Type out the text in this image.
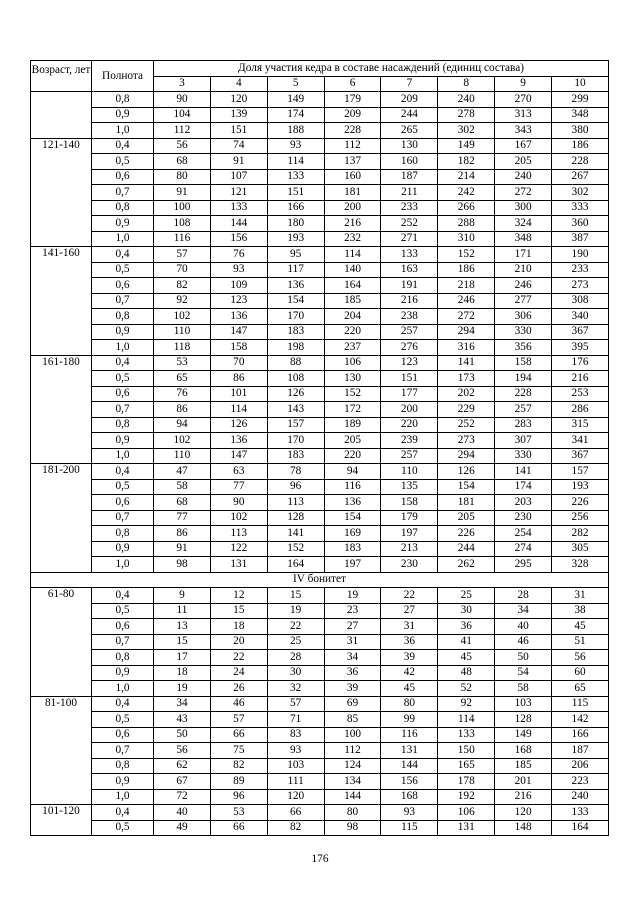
Возраст, лет	Полнота	Доля участия кедра в составе насаждений (единиц состава)							
		3	4	5	6	7	8	9	10
	0,8	90	120	149	179	209	240	270	299
	0,9	104	139	174	209	244	278	313	348
	1,0	112	151	188	228	265	302	343	380
121-140	0,4	56	74	93	112	130	149	167	186
	0,5	68	91	114	137	160	182	205	228
	0,6	80	107	133	160	187	214	240	267
	0,7	91	121	151	181	211	242	272	302
	0,8	100	133	166	200	233	266	300	333
	0,9	108	144	180	216	252	288	324	360
	1,0	116	156	193	232	271	310	348	387
141-160	0,4	57	76	95	114	133	152	171	190
	0,5	70	93	117	140	163	186	210	233
	0,6	82	109	136	164	191	218	246	273
	0,7	92	123	154	185	216	246	277	308
	0,8	102	136	170	204	238	272	306	340
	0,9	110	147	183	220	257	294	330	367
	1,0	118	158	198	237	276	316	356	395
161-180	0,4	53	70	88	106	123	141	158	176
	0,5	65	86	108	130	151	173	194	216
	0,6	76	101	126	152	177	202	228	253
	0,7	86	114	143	172	200	229	257	286
	0,8	94	126	157	189	220	252	283	315
	0,9	102	136	170	205	239	273	307	341
	1,0	110	147	183	220	257	294	330	367
181-200	0,4	47	63	78	94	110	126	141	157
	0,5	58	77	96	116	135	154	174	193
	0,6	68	90	113	136	158	181	203	226
	0,7	77	102	128	154	179	205	230	256
	0,8	86	113	141	169	197	226	254	282
	0,9	91	122	152	183	213	244	274	305
	1,0	98	131	164	197	230	262	295	328
IV бонитет									
61-80	0,4	9	12	15	19	22	25	28	31
	0,5	11	15	19	23	27	30	34	38
	0,6	13	18	22	27	31	36	40	45
	0,7	15	20	25	31	36	41	46	51
	0,8	17	22	28	34	39	45	50	56
	0,9	18	24	30	36	42	48	54	60
	1,0	19	26	32	39	45	52	58	65
81-100	0,4	34	46	57	69	80	92	103	115
	0,5	43	57	71	85	99	114	128	142
	0,6	50	66	83	100	116	133	149	166
	0,7	56	75	93	112	131	150	168	187
	0,8	62	82	103	124	144	165	185	206
	0,9	67	89	111	134	156	178	201	223
	1,0	72	96	120	144	168	192	216	240
101-120	0,4	40	53	66	80	93	106	120	133
	0,5	49	66	82	98	115	131	148	164
176
